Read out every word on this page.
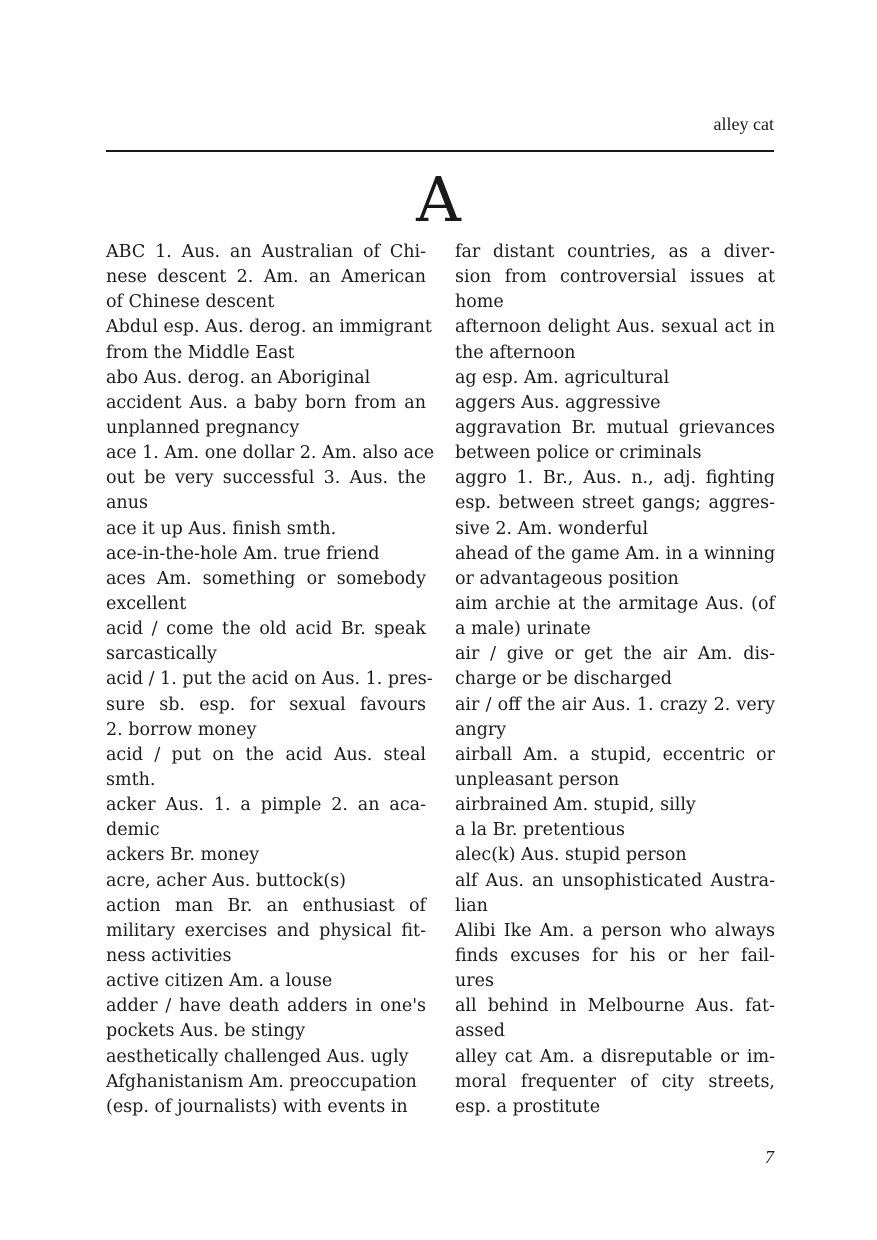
alley cat
A
ABC 1. Aus. an Australian of Chi-
nese descent 2. Am. an American
of Chinese descent
Abdul esp. Aus. derog. an immigrant
from the Middle East
abo Aus. derog. an Aboriginal
accident Aus. a baby born from an
unplanned pregnancy
ace 1. Am. one dollar 2. Am. also ace
out be very successful 3. Aus. the
anus
ace it up Aus. finish smth.
ace-in-the-hole Am. true friend
aces Am. something or somebody
excellent
acid / come the old acid Br. speak
sarcastically
acid / 1. put the acid on Aus. 1. pres-
sure sb. esp. for sexual favours
2. borrow money
acid / put on the acid Aus. steal
smth.
acker Aus. 1. a pimple 2. an aca-
demic
ackers Br. money
acre, acher Aus. buttock(s)
action man Br. an enthusiast of
military exercises and physical fit-
ness activities
active citizen Am. a louse
adder / have death adders in one's
pockets Aus. be stingy
aesthetically challenged Aus. ugly
Afghanistanism Am. preoccupation
(esp. of journalists) with events in
far distant countries, as a diver-
sion from controversial issues at
home
afternoon delight Aus. sexual act in
the afternoon
ag esp. Am. agricultural
aggers Aus. aggressive
aggravation Br. mutual grievances
between police or criminals
aggro 1. Br., Aus. n., adj. fighting
esp. between street gangs; aggres-
sive 2. Am. wonderful
ahead of the game Am. in a winning
or advantageous position
aim archie at the armitage Aus. (of
a male) urinate
air / give or get the air Am. dis-
charge or be discharged
air / off the air Aus. 1. crazy 2. very
angry
airball Am. a stupid, eccentric or
unpleasant person
airbrained Am. stupid, silly
a la Br. pretentious
alec(k) Aus. stupid person
alf Aus. an unsophisticated Austra-
lian
Alibi Ike Am. a person who always
finds excuses for his or her fail-
ures
all behind in Melbourne Aus. fat-
assed
alley cat Am. a disreputable or im-
moral frequenter of city streets,
esp. a prostitute
7
